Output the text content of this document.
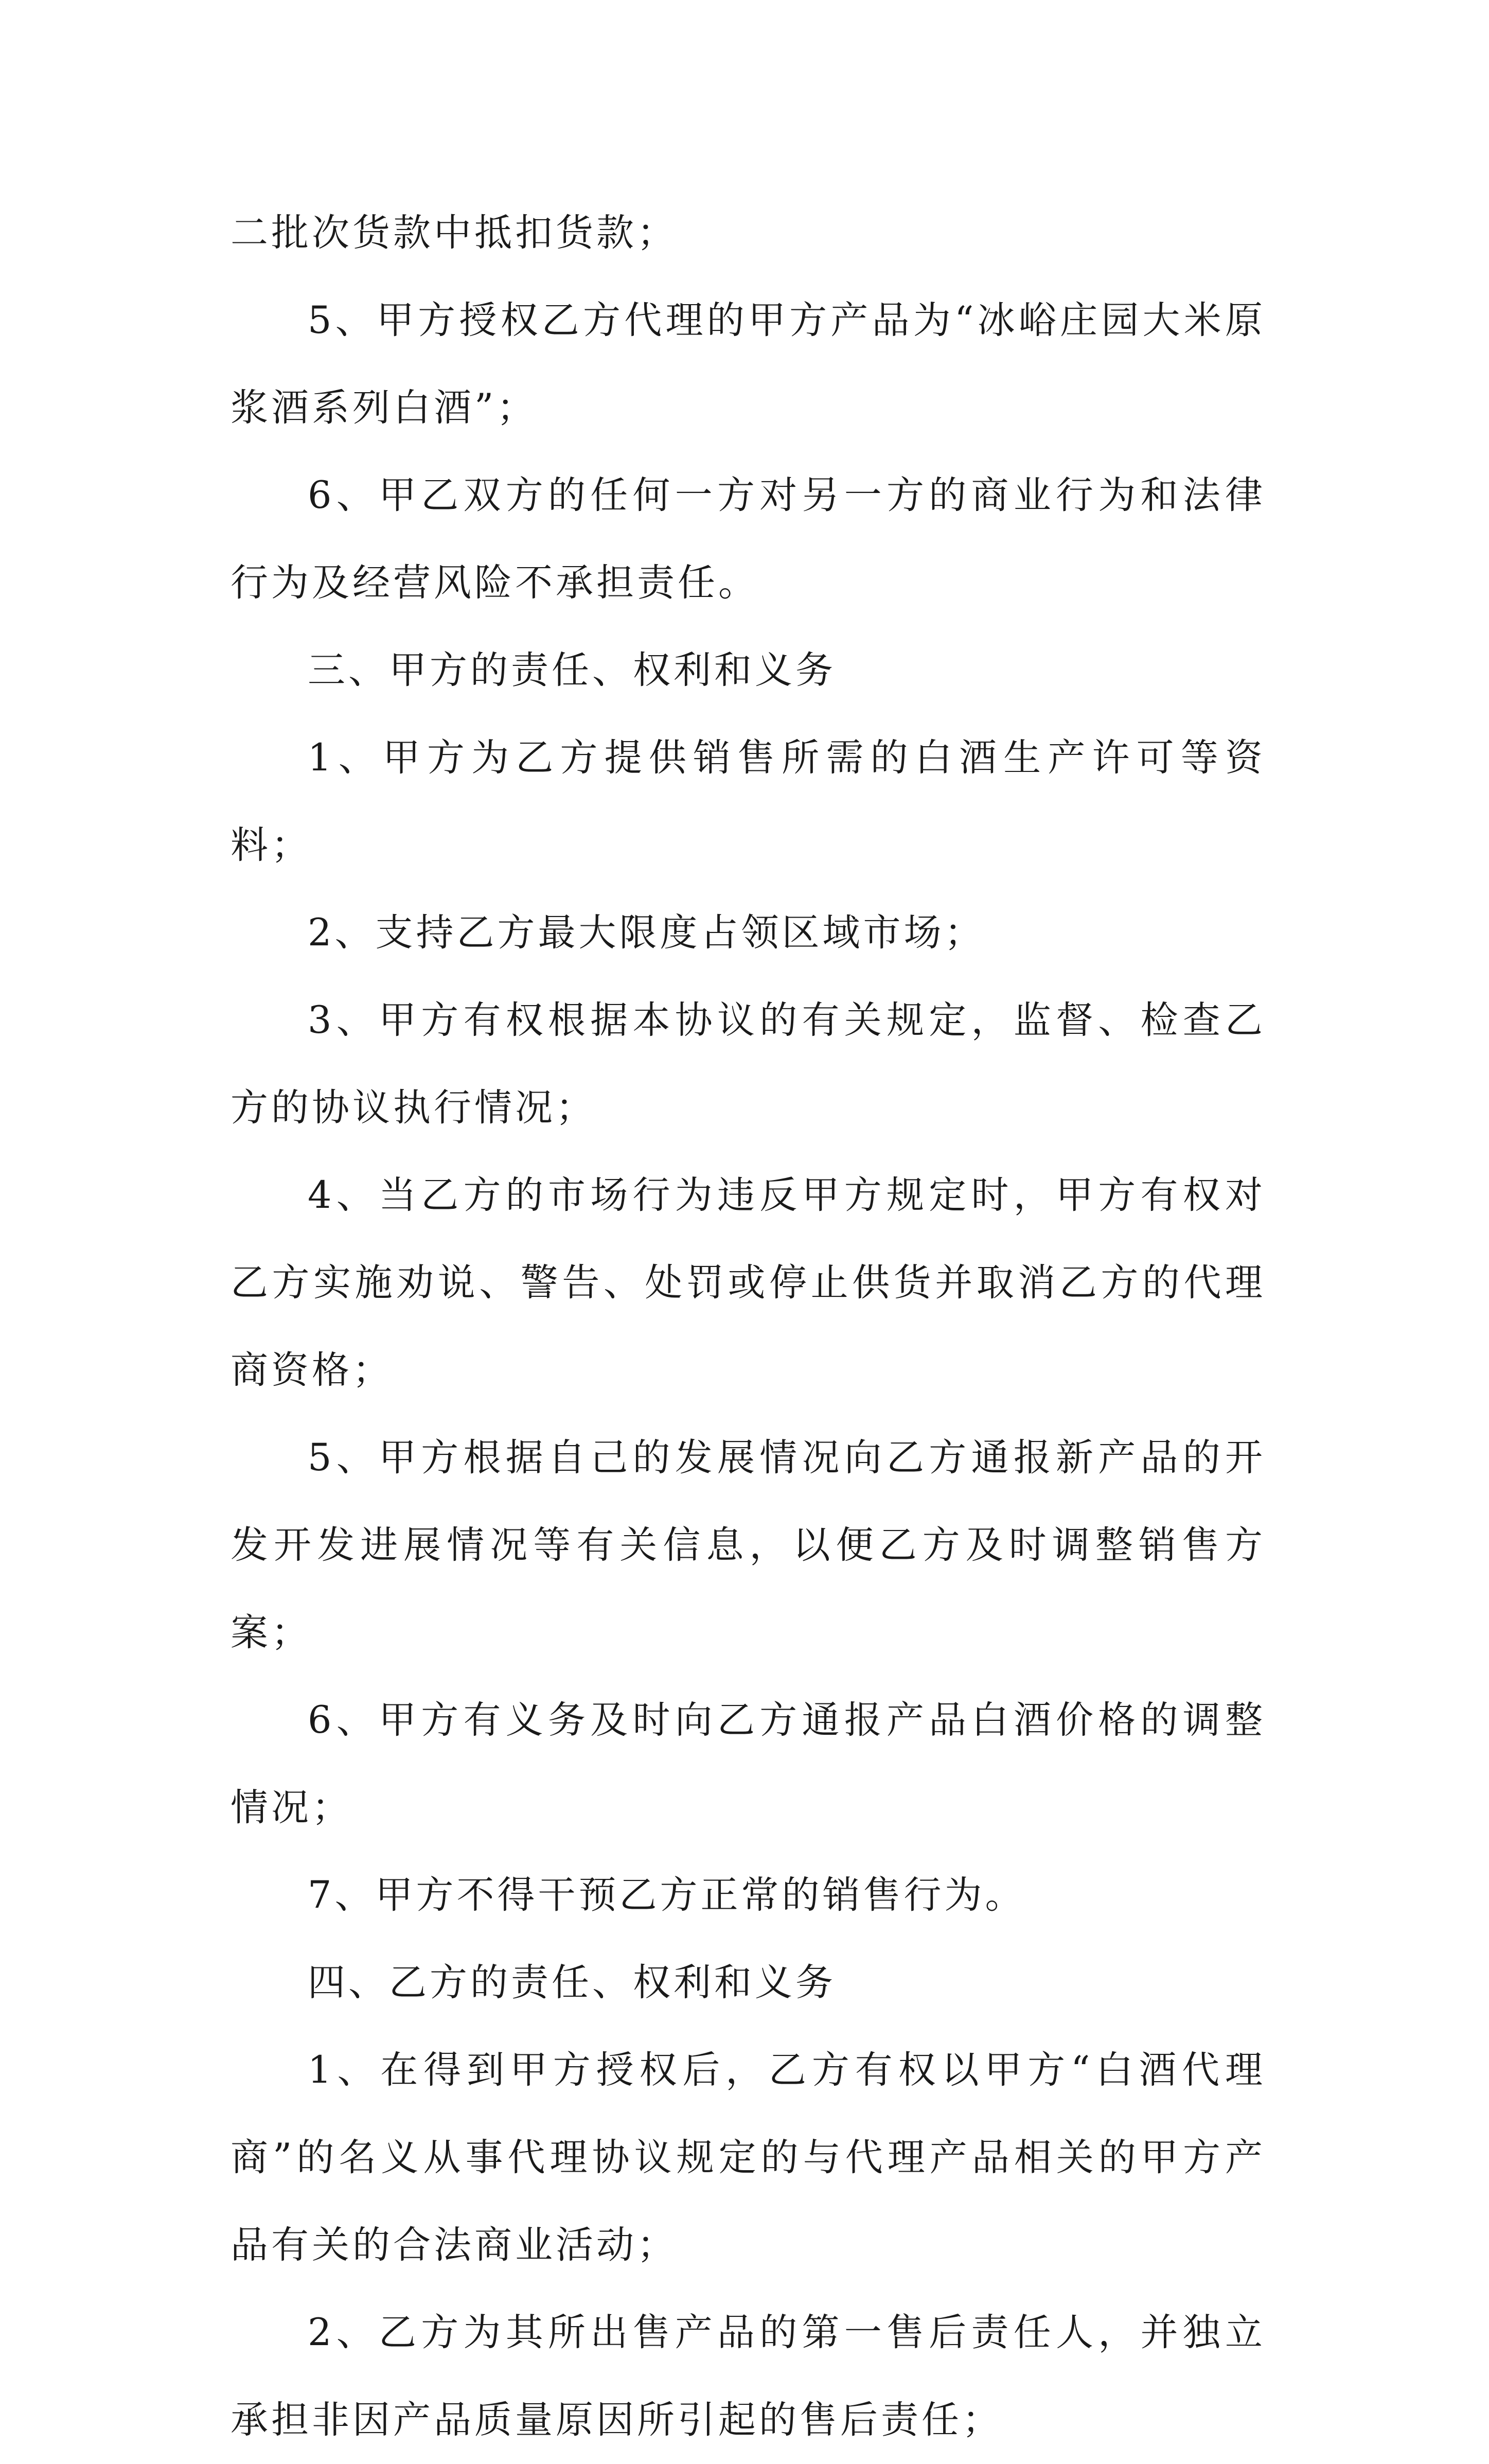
二批次货款中抵扣货款；

5、甲方授权乙方代理的甲方产品为“冰峪庄园大米原浆酒系列白酒”；

6、甲乙双方的任何一方对另一方的商业行为和法律行为及经营风险不承担责任。

三、甲方的责任、权利和义务

1、甲方为乙方提供销售所需的白酒生产许可等资料；

2、支持乙方最大限度占领区域市场；

3、甲方有权根据本协议的有关规定，监督、检查乙方的协议执行情况；

4、当乙方的市场行为违反甲方规定时，甲方有权对乙方实施劝说、警告、处罚或停止供货并取消乙方的代理商资格；

5、甲方根据自己的发展情况向乙方通报新产品的开发开发进展情况等有关信息，以便乙方及时调整销售方案；

6、甲方有义务及时向乙方通报产品白酒价格的调整情况；

7、甲方不得干预乙方正常的销售行为。

四、乙方的责任、权利和义务

1、在得到甲方授权后，乙方有权以甲方“白酒代理商”的名义从事代理协议规定的与代理产品相关的甲方产品有关的合法商业活动；

2、乙方为其所出售产品的第一售后责任人，并独立承担非因产品质量原因所引起的售后责任；
